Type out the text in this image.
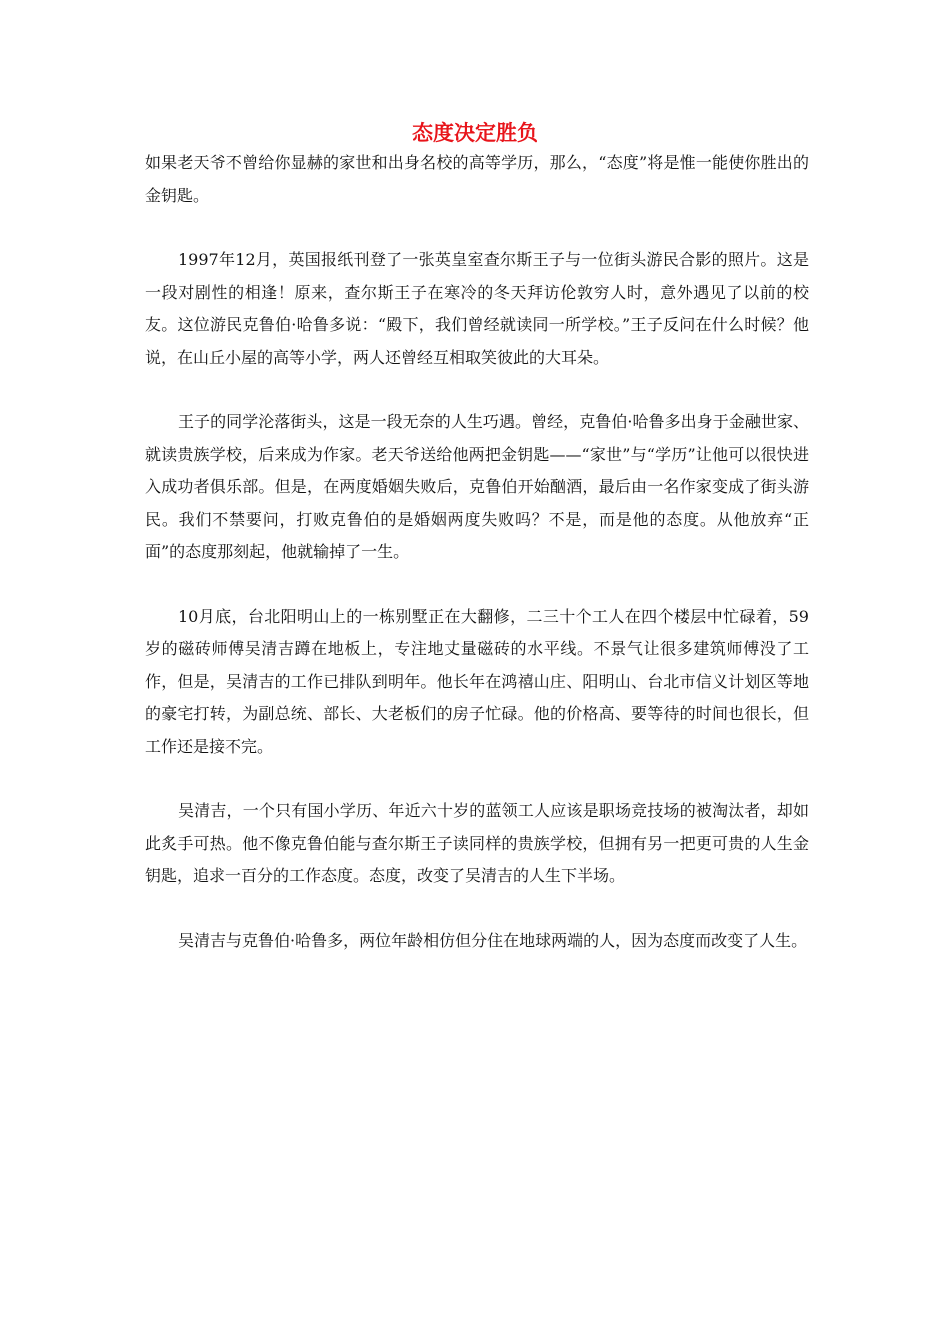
态度决定胜负

如果老天爷不曾给你显赫的家世和出身名校的高等学历，那么，“态度”将是惟一能使你胜出的金钥匙。

1997年12月，英国报纸刊登了一张英皇室查尔斯王子与一位街头游民合影的照片。这是一段对剧性的相逢！原来，查尔斯王子在寒冷的冬天拜访伦敦穷人时，意外遇见了以前的校友。这位游民克鲁伯·哈鲁多说：“殿下，我们曾经就读同一所学校。”王子反问在什么时候？他说，在山丘小屋的高等小学，两人还曾经互相取笑彼此的大耳朵。

王子的同学沦落街头，这是一段无奈的人生巧遇。曾经，克鲁伯·哈鲁多出身于金融世家、就读贵族学校，后来成为作家。老天爷送给他两把金钥匙——“家世”与“学历”让他可以很快进入成功者俱乐部。但是，在两度婚姻失败后，克鲁伯开始酗酒，最后由一名作家变成了街头游民。我们不禁要问，打败克鲁伯的是婚姻两度失败吗？不是，而是他的态度。从他放弃“正面”的态度那刻起，他就输掉了一生。

10月底，台北阳明山上的一栋别墅正在大翻修，二三十个工人在四个楼层中忙碌着，59岁的磁砖师傅吴清吉蹲在地板上，专注地丈量磁砖的水平线。不景气让很多建筑师傅没了工作，但是，吴清吉的工作已排队到明年。他长年在鸿禧山庄、阳明山、台北市信义计划区等地的豪宅打转，为副总统、部长、大老板们的房子忙碌。他的价格高、要等待的时间也很长，但工作还是接不完。

吴清吉，一个只有国小学历、年近六十岁的蓝领工人应该是职场竞技场的被淘汰者，却如此炙手可热。他不像克鲁伯能与查尔斯王子读同样的贵族学校，但拥有另一把更可贵的人生金钥匙，追求一百分的工作态度。态度，改变了吴清吉的人生下半场。

吴清吉与克鲁伯·哈鲁多，两位年龄相仿但分住在地球两端的人，因为态度而改变了人生。
